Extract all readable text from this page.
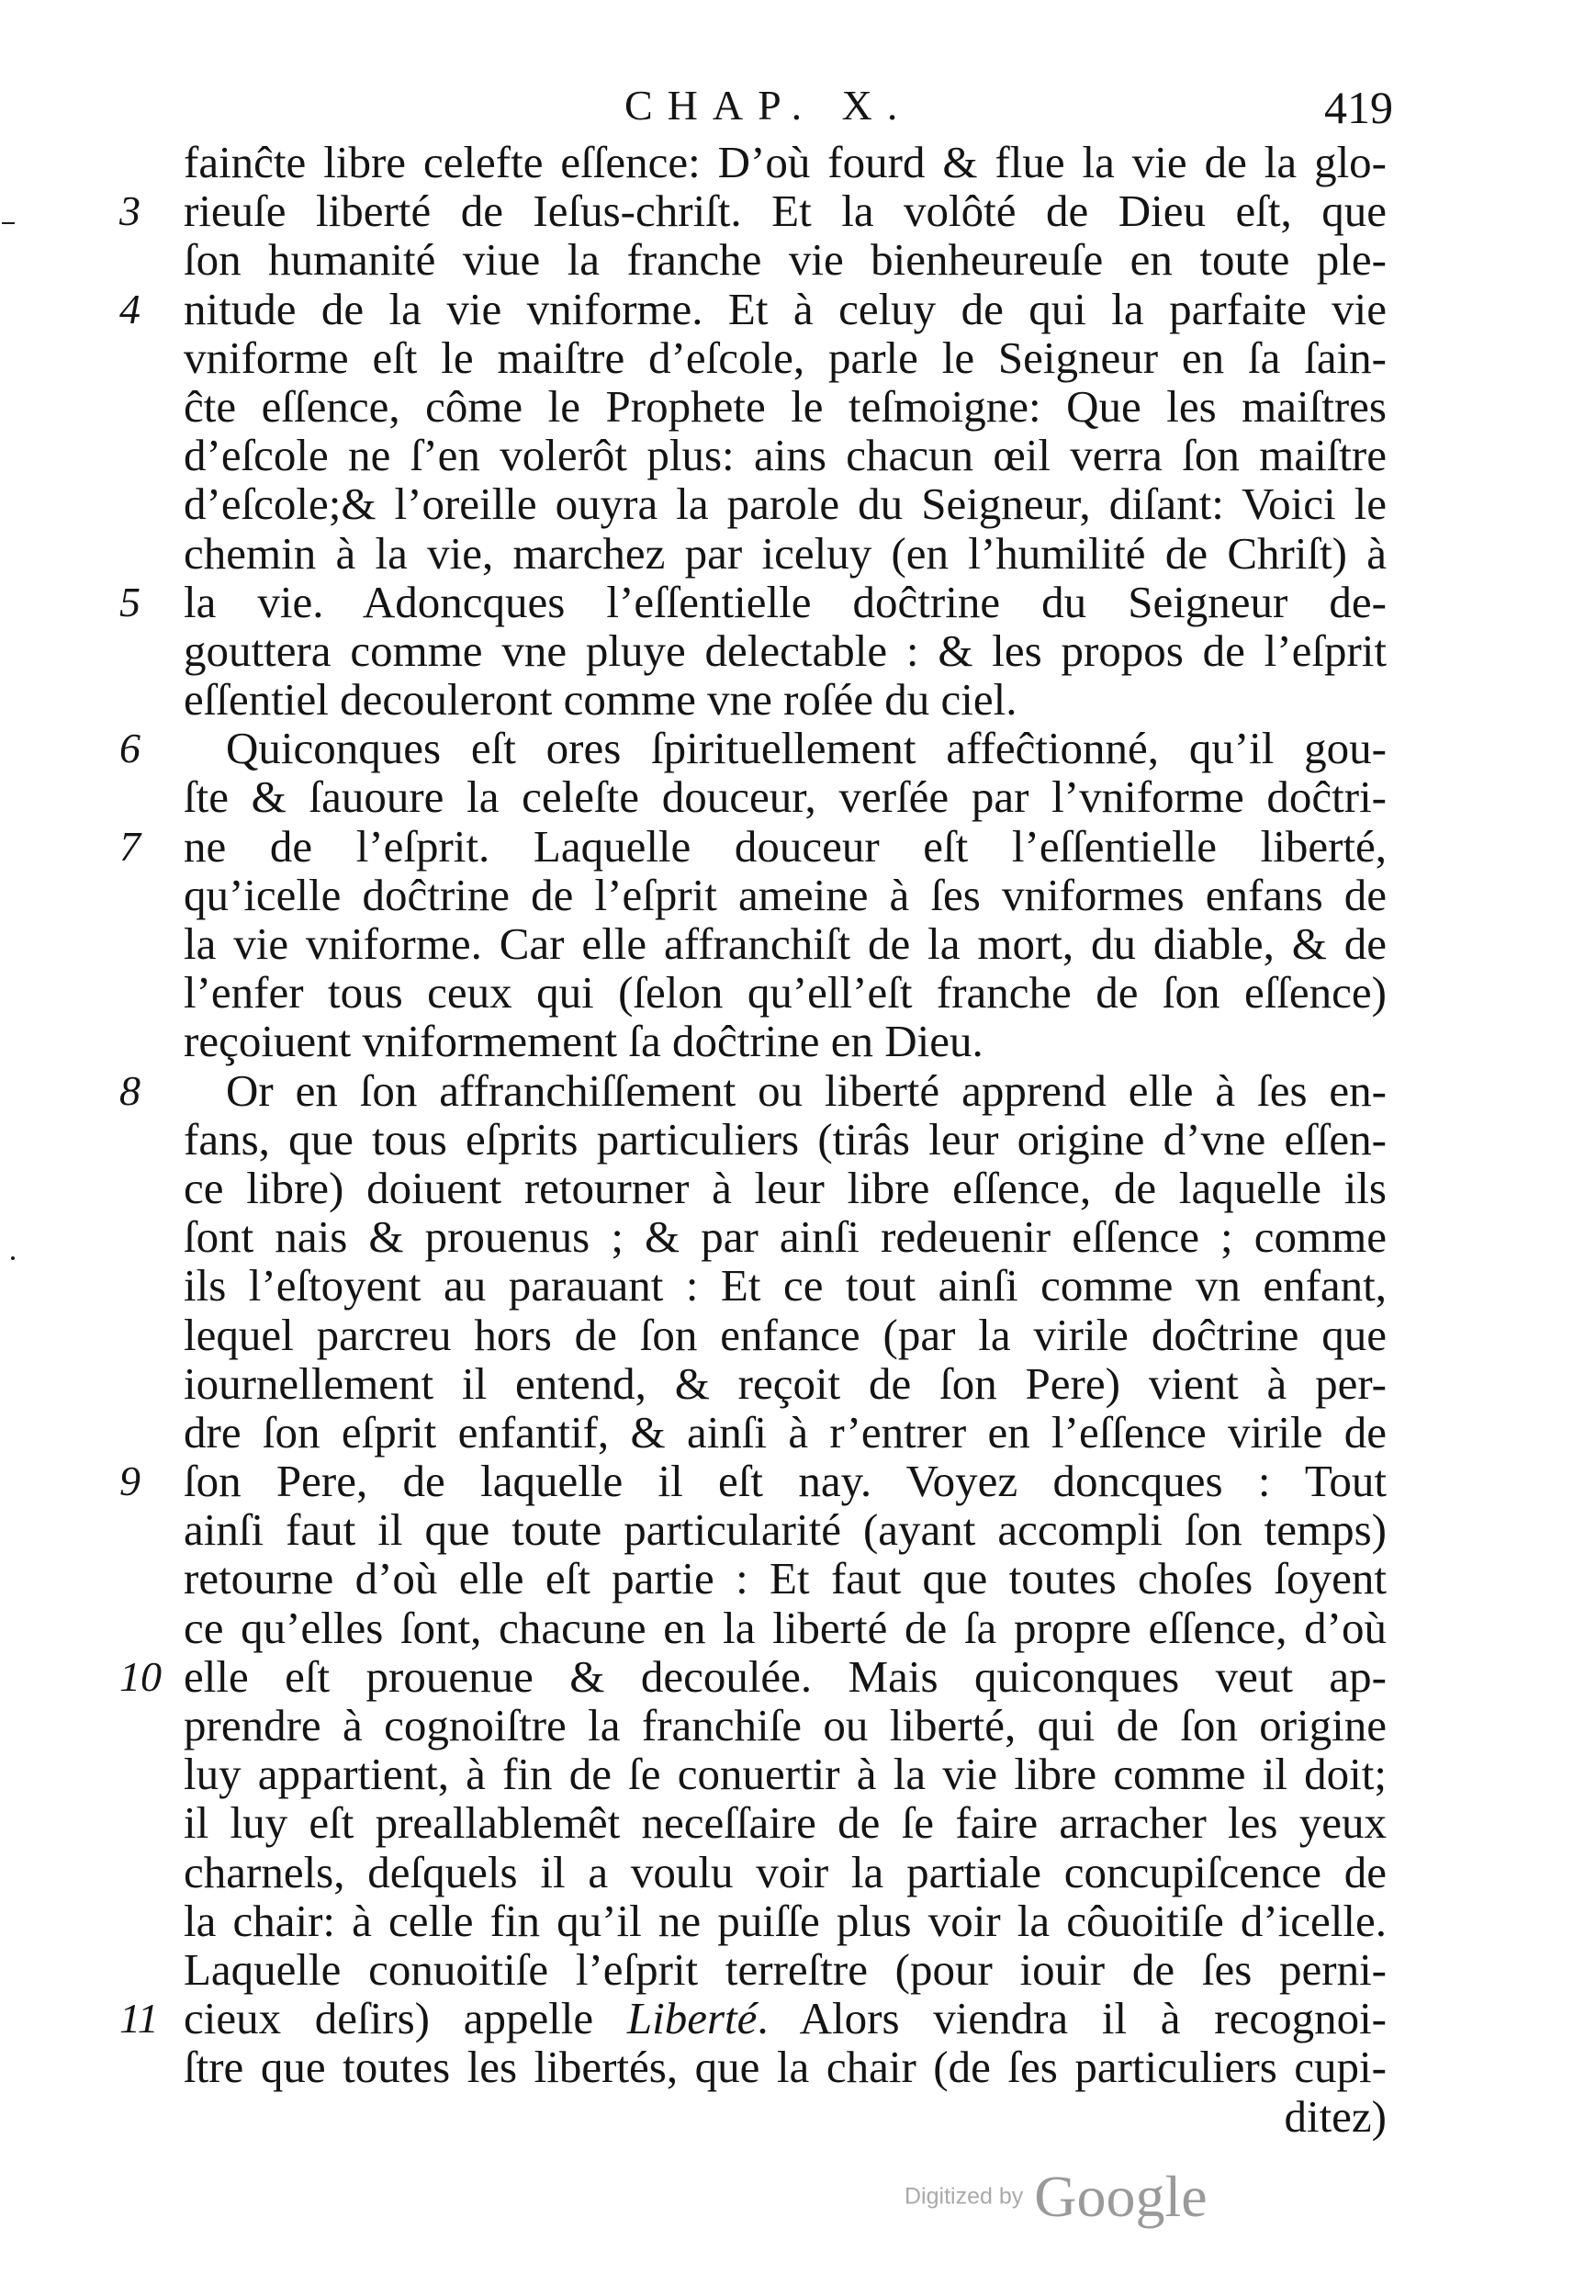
CHAP. X.	419
fainĉte libre celefte eſſence: D’où fourd & flue la vie de la glo-
3 rieuſe liberté de Ieſus-chriſt. Et la volôté de Dieu eſt, que
ſon humanité viue la franche vie bienheureuſe en toute ple-
4 nitude de la vie vniforme. Et à celuy de qui la parfaite vie
vniforme eſt le maiſtre d’eſcole, parle le Seigneur en ſa ſain-
ĉte eſſence, côme le Prophete le teſmoigne: Que les maiſtres
d’eſcole ne ſ’en volerôt plus: ains chacun œil verra ſon maiſtre
d’eſcole;& l’oreille ouyra la parole du Seigneur, diſant: Voici le
chemin à la vie, marchez par iceluy (en l’humilité de Chriſt) à
5 la vie. Adoncques l’eſſentielle doĉtrine du Seigneur de-
gouttera comme vne pluye delectable : & les propos de l’eſprit
eſſentiel decouleront comme vne roſée du ciel.
6	Quiconques eſt ores ſpirituellement affeĉtionné, qu’il gou-
ſte & ſauoure la celeſte douceur, verſée par l’vniforme doĉtri-
7 ne de l’eſprit. Laquelle douceur eſt l’eſſentielle liberté,
qu’icelle doĉtrine de l’eſprit ameine à ſes vniformes enfans de
la vie vniforme. Car elle affranchiſt de la mort, du diable, & de
l’enfer tous ceux qui (ſelon qu’ell’eſt franche de ſon eſſence)
reçoiuent vniformement ſa doĉtrine en Dieu.
8	Or en ſon affranchiſſement ou liberté apprend elle à ſes en-
fans, que tous eſprits particuliers (tirâs leur origine d’vne eſſen-
ce libre) doiuent retourner à leur libre eſſence, de laquelle ils
ſont nais & prouenus ; & par ainſi redeuenir eſſence ; comme
ils l’eſtoyent au parauant : Et ce tout ainſi comme vn enfant,
lequel parcreu hors de ſon enfance (par la virile doĉtrine que
iournellement il entend, & reçoit de ſon Pere) vient à per-
dre ſon eſprit enfantif, & ainſi à r’entrer en l’eſſence virile de
9 ſon Pere, de laquelle il eſt nay. Voyez doncques : Tout
ainſi faut il que toute particularité (ayant accompli ſon temps)
retourne d’où elle eſt partie : Et faut que toutes choſes ſoyent
ce qu’elles ſont, chacune en la liberté de ſa propre eſſence, d’où
10 elle eſt prouenue & decoulée. Mais quiconques veut ap-
prendre à cognoiſtre la franchiſe ou liberté, qui de ſon origine
luy appartient, à fin de ſe conuertir à la vie libre comme il doit;
il luy eſt preallablemêt neceſſaire de ſe faire arracher les yeux
charnels, deſquels il a voulu voir la partiale concupiſcence de
la chair: à celle fin qu’il ne puiſſe plus voir la côuoitiſe d’icelle.
Laquelle conuoitiſe l’eſprit terreſtre (pour iouir de ſes perni-
11 cieux deſirs) appelle Liberté. Alors viendra il à recognoi-
ſtre que toutes les libertés, que la chair (de ſes particuliers cupi-
ditez)
Digitized by Google
